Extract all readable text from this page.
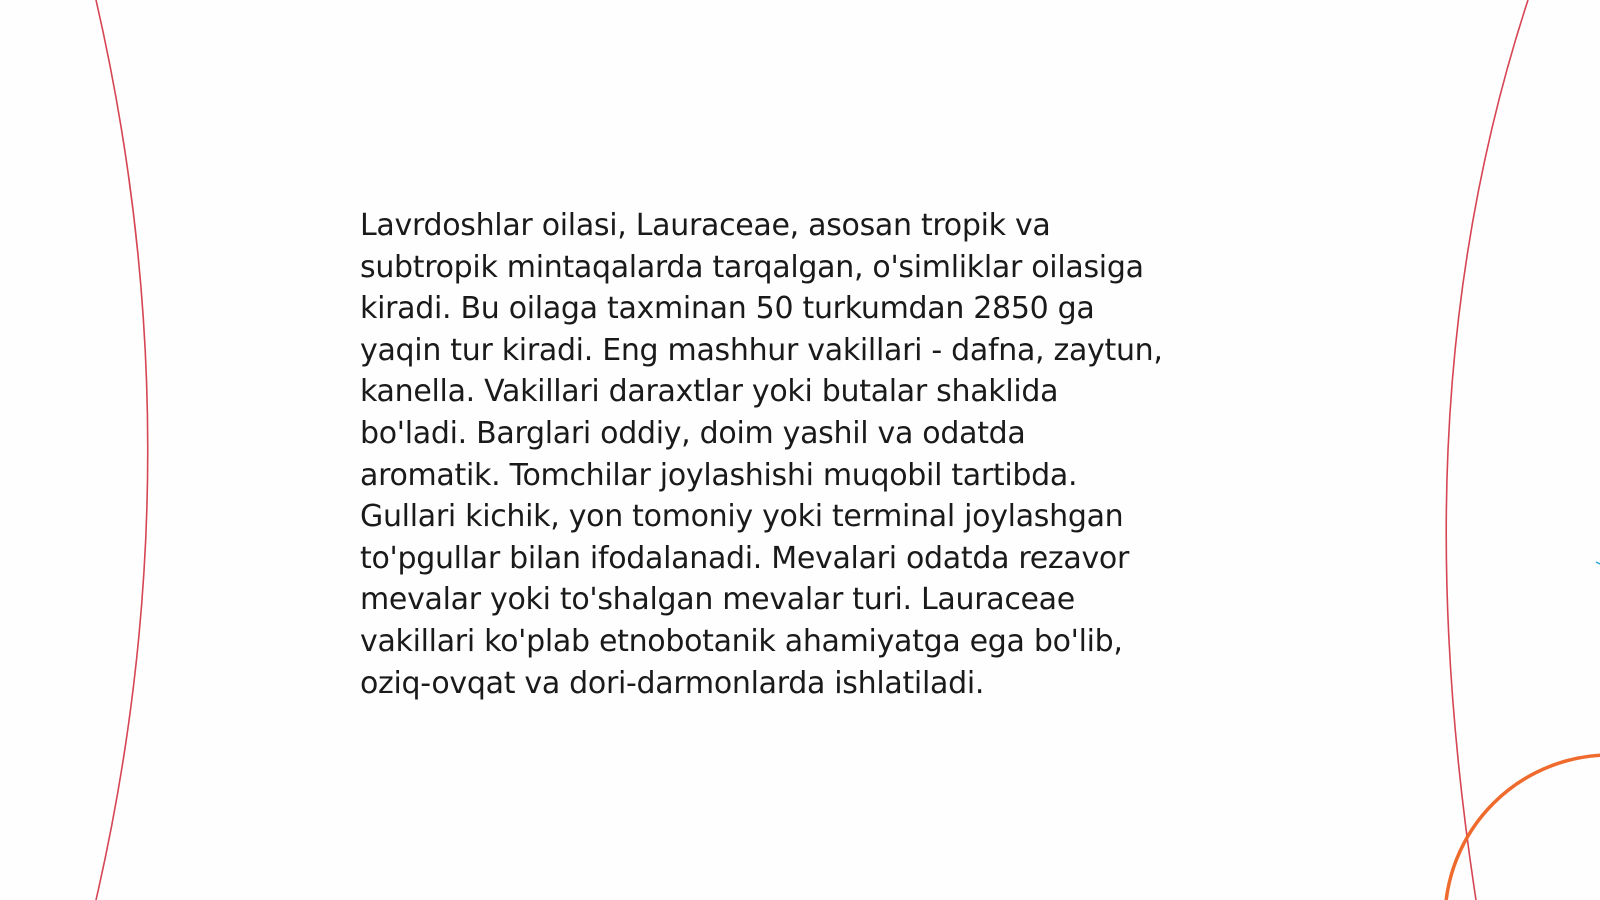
Lavrdoshlar oilasi, Lauraceae, asosan tropik va
subtropik mintaqalarda tarqalgan, o'simliklar oilasiga
kiradi. Bu oilaga taxminan 50 turkumdan 2850 ga
yaqin tur kiradi. Eng mashhur vakillari - dafna, zaytun,
kanella. Vakillari daraxtlar yoki butalar shaklida
bo'ladi. Barglari oddiy, doim yashil va odatda
aromatik. Tomchilar joylashishi muqobil tartibda.
Gullari kichik, yon tomoniy yoki terminal joylashgan
to'pgullar bilan ifodalanadi. Mevalari odatda rezavor
mevalar yoki to'shalgan mevalar turi. Lauraceae
vakillari ko'plab etnobotanik ahamiyatga ega bo'lib,
oziq-ovqat va dori-darmonlarda ishlatiladi.
